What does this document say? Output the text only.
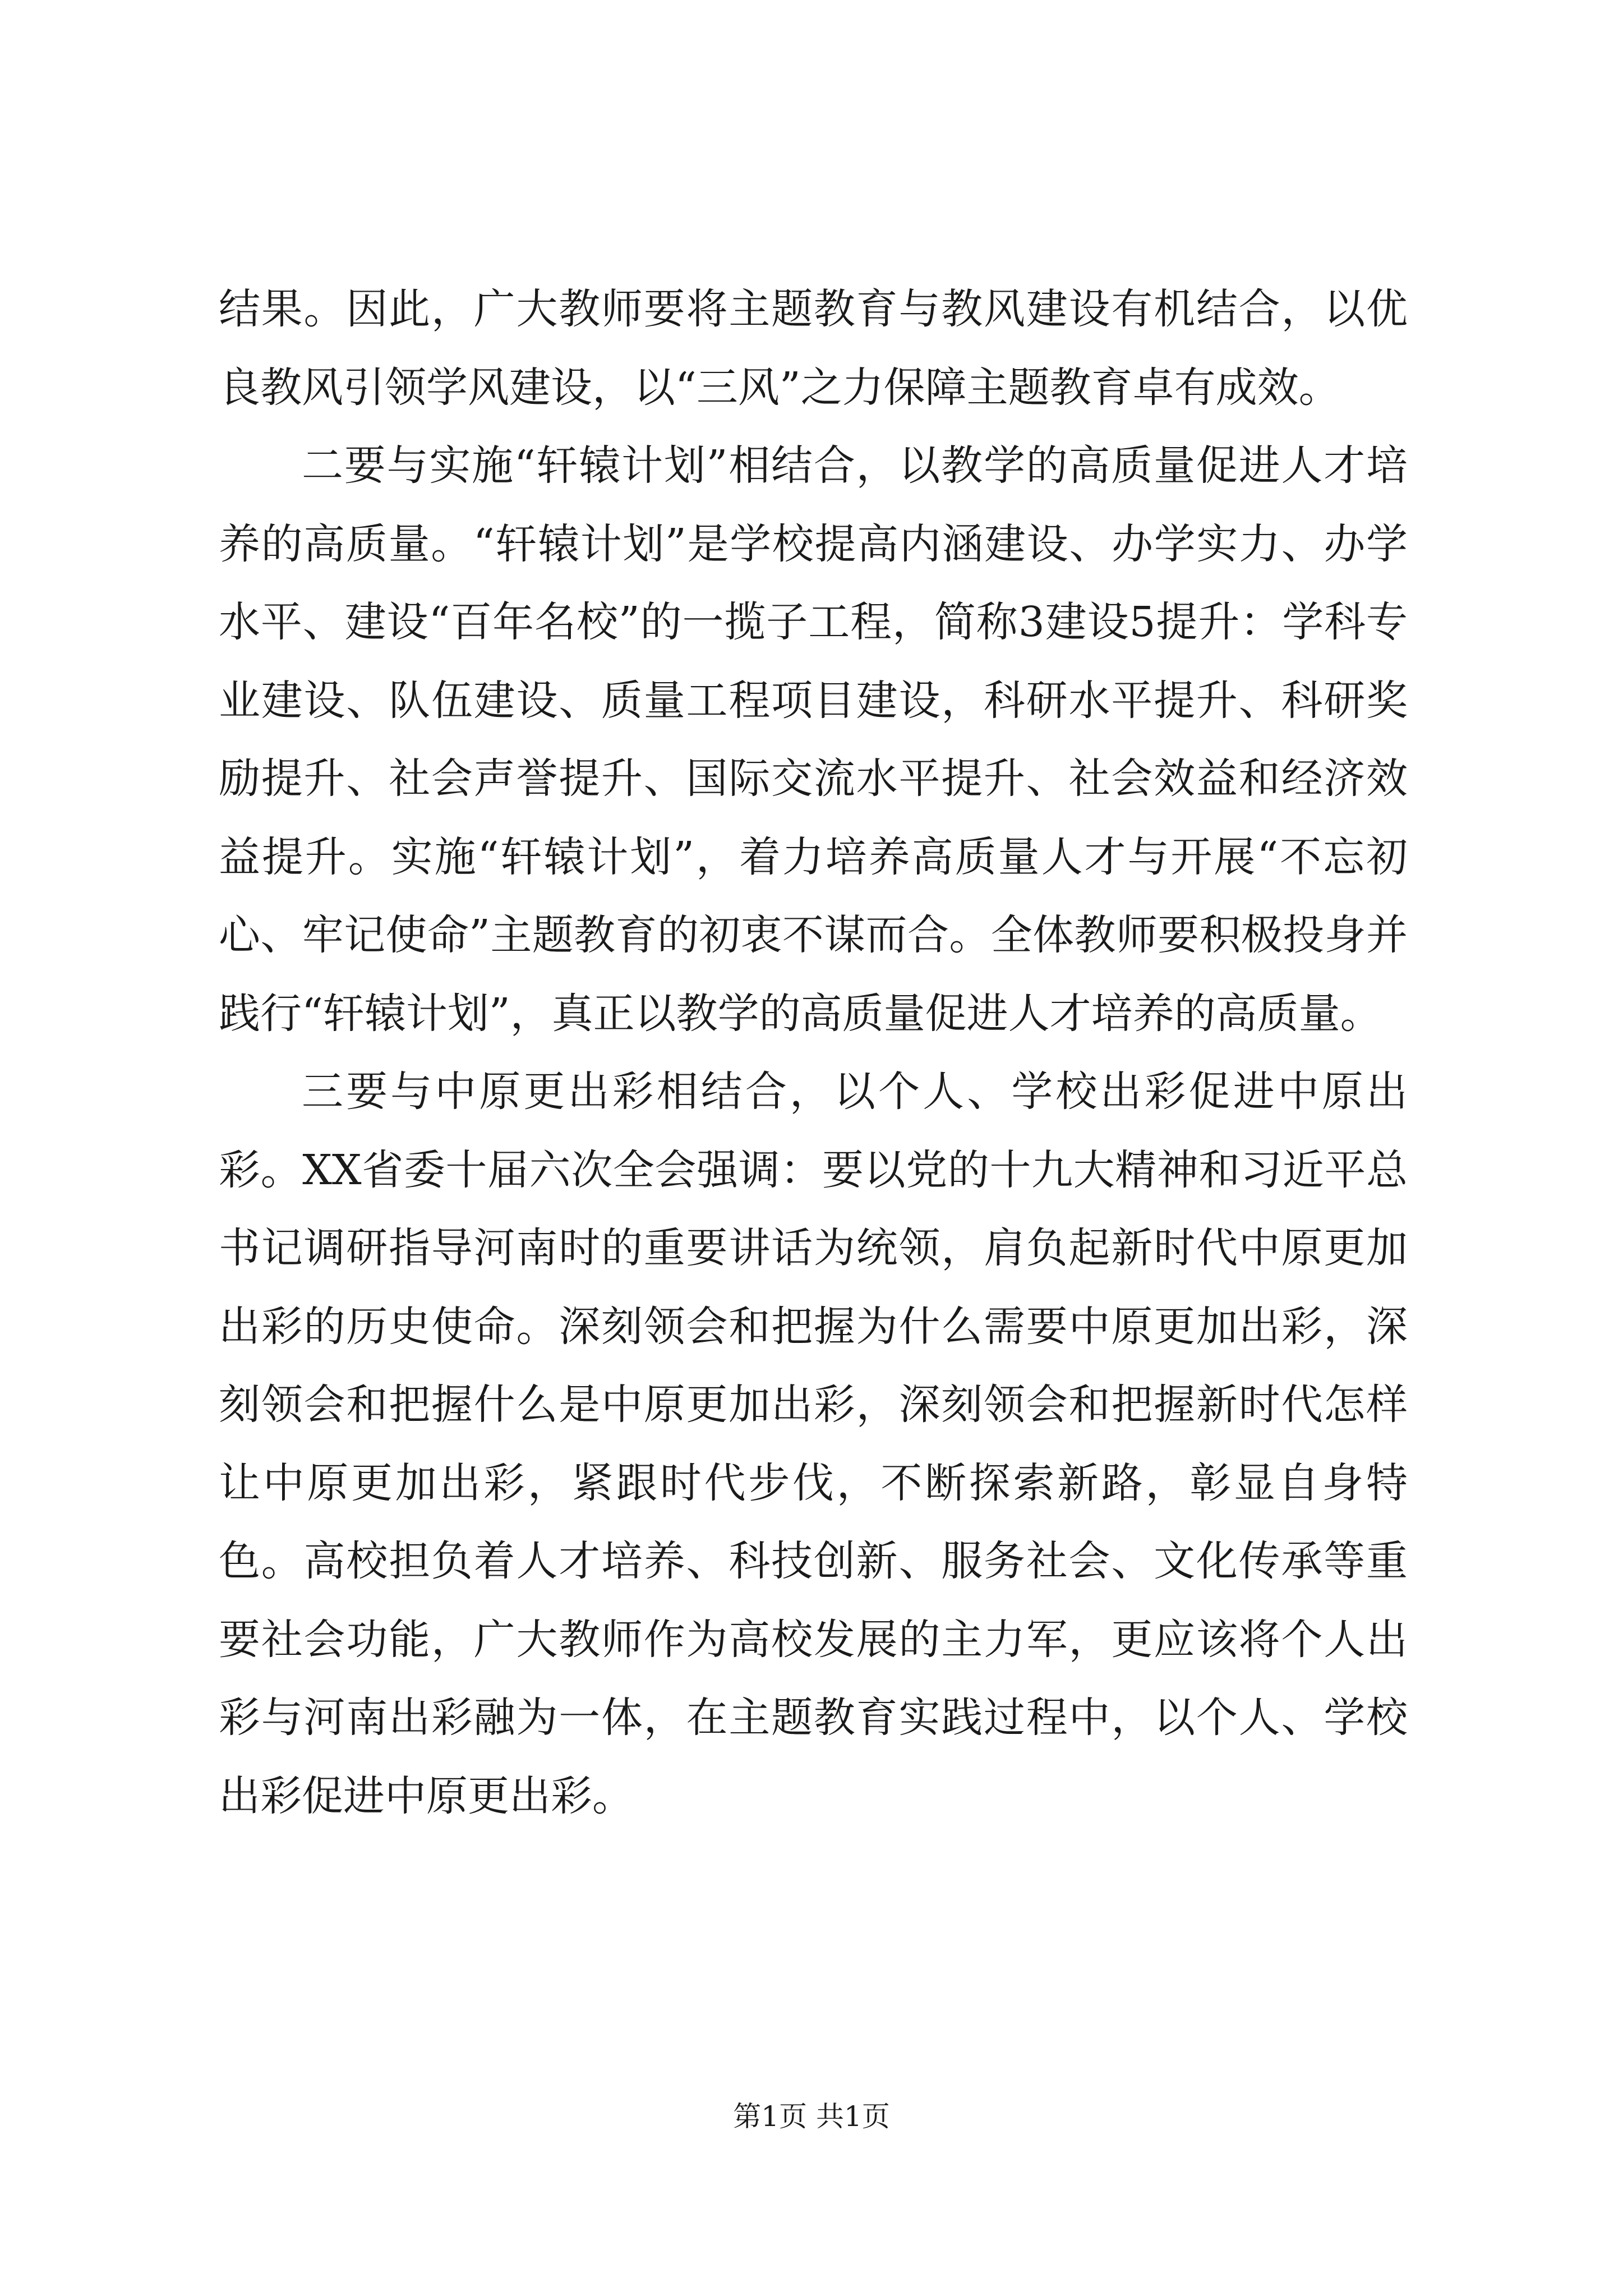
结果。因此，广大教师要将主题教育与教风建设有机结合，以优良教风引领学风建设，以“三风”之力保障主题教育卓有成效。

二要与实施“轩辕计划”相结合，以教学的高质量促进人才培养的高质量。“轩辕计划”是学校提高内涵建设、办学实力、办学水平、建设“百年名校”的一揽子工程，简称3建设5提升：学科专业建设、队伍建设、质量工程项目建设，科研水平提升、科研奖励提升、社会声誉提升、国际交流水平提升、社会效益和经济效益提升。实施“轩辕计划”，着力培养高质量人才与开展“不忘初心、牢记使命”主题教育的初衷不谋而合。全体教师要积极投身并践行“轩辕计划”，真正以教学的高质量促进人才培养的高质量。

三要与中原更出彩相结合，以个人、学校出彩促进中原出彩。XX省委十届六次全会强调：要以党的十九大精神和习近平总书记调研指导河南时的重要讲话为统领，肩负起新时代中原更加出彩的历史使命。深刻领会和把握为什么需要中原更加出彩，深刻领会和把握什么是中原更加出彩，深刻领会和把握新时代怎样让中原更加出彩，紧跟时代步伐，不断探索新路，彰显自身特色。高校担负着人才培养、科技创新、服务社会、文化传承等重要社会功能，广大教师作为高校发展的主力军，更应该将个人出彩与河南出彩融为一体，在主题教育实践过程中，以个人、学校出彩促进中原更出彩。

第1页 共1页
